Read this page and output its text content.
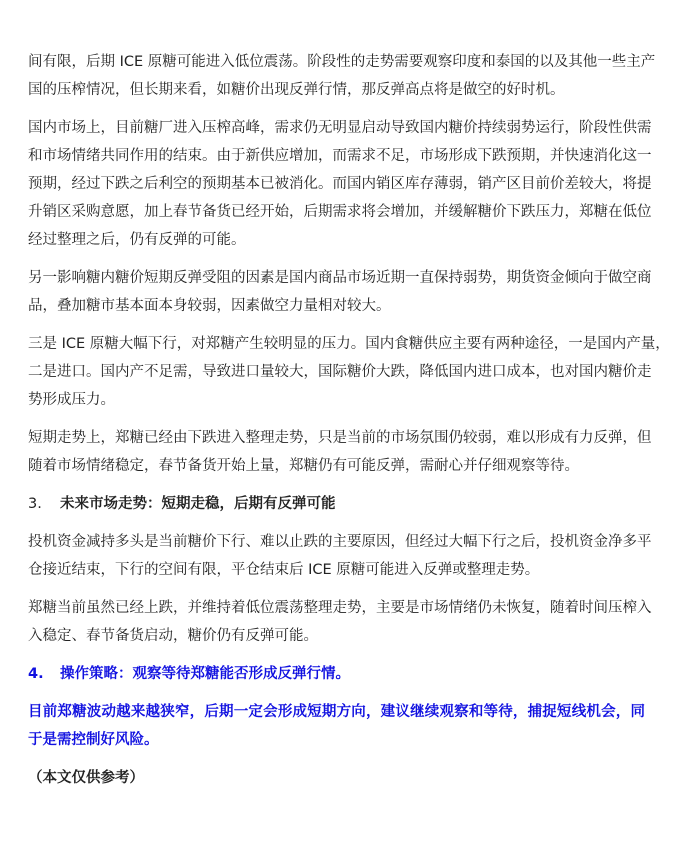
间有限，后期 ICE 原糖可能进入低位震荡。阶段性的走势需要观察印度和泰国的以及其他一些主产
国的压榨情况，但长期来看，如糖价出现反弹行情，那反弹高点将是做空的好时机。
国内市场上，目前糖厂进入压榨高峰，需求仍无明显启动导致国内糖价持续弱势运行，阶段性供需
和市场情绪共同作用的结束。由于新供应增加，而需求不足，市场形成下跌预期，并快速消化这一
预期，经过下跌之后利空的预期基本已被消化。而国内销区库存薄弱，销产区目前价差较大，将提
升销区采购意愿，加上春节备货已经开始，后期需求将会增加，并缓解糖价下跌压力，郑糖在低位
经过整理之后，仍有反弹的可能。
另一影响糖内糖价短期反弹受阻的因素是国内商品市场近期一直保持弱势，期货资金倾向于做空商
品，叠加糖市基本面本身较弱，因素做空力量相对较大。
三是 ICE 原糖大幅下行，对郑糖产生较明显的压力。国内食糖供应主要有两种途径，一是国内产量，
二是进口。国内产不足需，导致进口量较大，国际糖价大跌，降低国内进口成本，也对国内糖价走
势形成压力。
短期走势上，郑糖已经由下跌进入整理走势，只是当前的市场氛围仍较弱，难以形成有力反弹，但
随着市场情绪稳定，春节备货开始上量，郑糖仍有可能反弹，需耐心并仔细观察等待。
3.	未来市场走势：短期走稳，后期有反弹可能
投机资金减持多头是当前糖价下行、难以止跌的主要原因，但经过大幅下行之后，投机资金净多平
仓接近结束，下行的空间有限，平仓结束后 ICE 原糖可能进入反弹或整理走势。
郑糖当前虽然已经上跌，并维持着低位震荡整理走势，主要是市场情绪仍未恢复，随着时间压榨入
入稳定、春节备货启动，糖价仍有反弹可能。
4.	操作策略：观察等待郑糖能否形成反弹行情。
目前郑糖波动越来越狭窄，后期一定会形成短期方向，建议继续观察和等待，捕捉短线机会，同
于是需控制好风险。
（本文仅供参考）
